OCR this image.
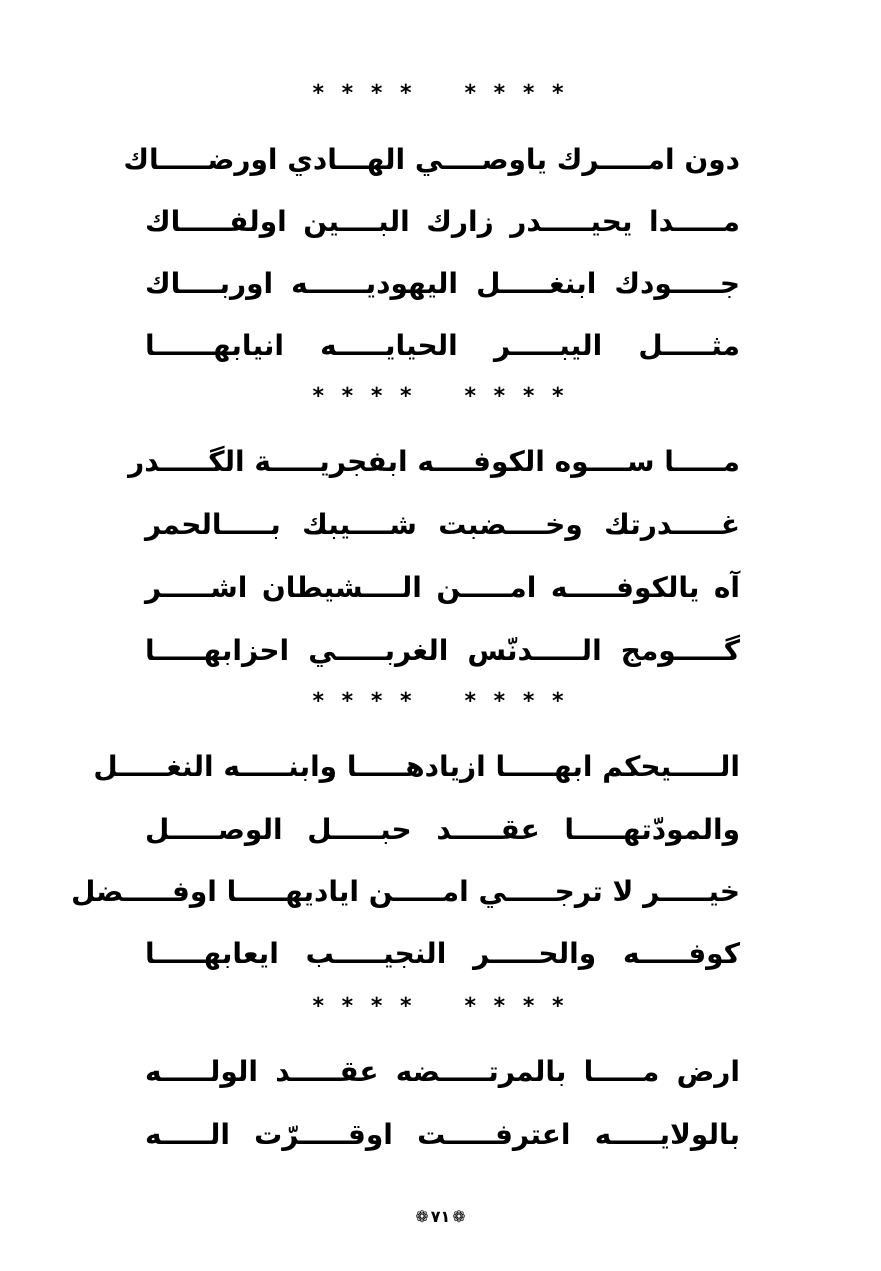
* * * * * * * *
دون امـــــرك ياوصــــي الهـــادي اورضـــــاك
مـــــدا يحيـــــدر زارك البــــين اولفـــــاك
جـــــودك ابنغـــــل اليهوديــــــه اوربــــاك
مثـــــل اليبـــــر الحيايـــــه انيابهــــــا
* * * * * * * *
مـــــا ســــوه الكوفــــه ابفجريـــــة الگـــــدر
غـــــدرتك وخــــضبت شــــيبك بـــــالحمر
آه يالكوفـــــه امـــــن الــــشيطان اشـــــر
گـــــومج الـــــدنّس الغربـــــي احزابهـــــا
* * * * * * * *
الـــــيحكم ابهـــــا ازيادهـــــا وابنـــــه النغـــــل
والمودّتهـــــا عقـــــد حبـــــل الوصـــــل
خيـــــر لا ترجـــــي امـــــن اياديهـــــا اوفـــــضل
كوفـــــه والحـــــر النجيـــــب ايعابهـــــا
* * * * * * * *
ارض مـــــا بالمرتـــــضه عقـــــد الولـــــه
بالولايـــــه اعترفـــــت اوقـــــرّت الـــــه
❁ ٧١ ❁
